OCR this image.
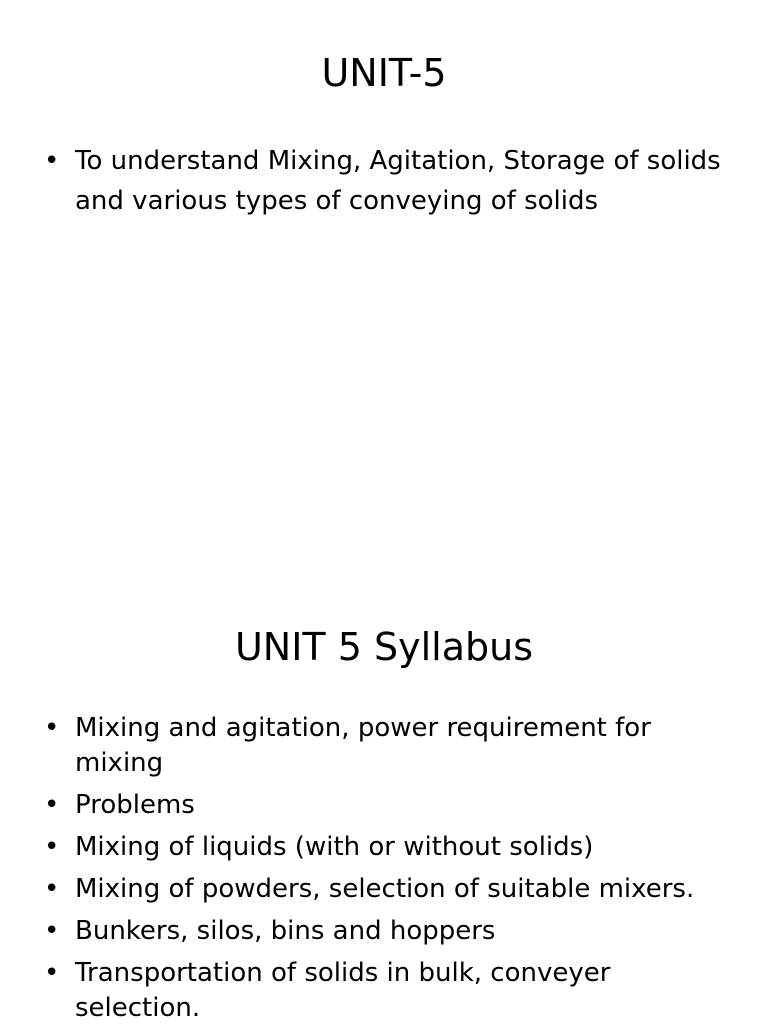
UNIT-5
• To understand Mixing, Agitation, Storage of solids and various types of conveying of solids
UNIT 5 Syllabus
• Mixing and agitation, power requirement for mixing
• Problems
• Mixing of liquids (with or without solids)
• Mixing of powders, selection of suitable mixers.
• Bunkers, silos, bins and hoppers
• Transportation of solids in bulk, conveyer selection.
